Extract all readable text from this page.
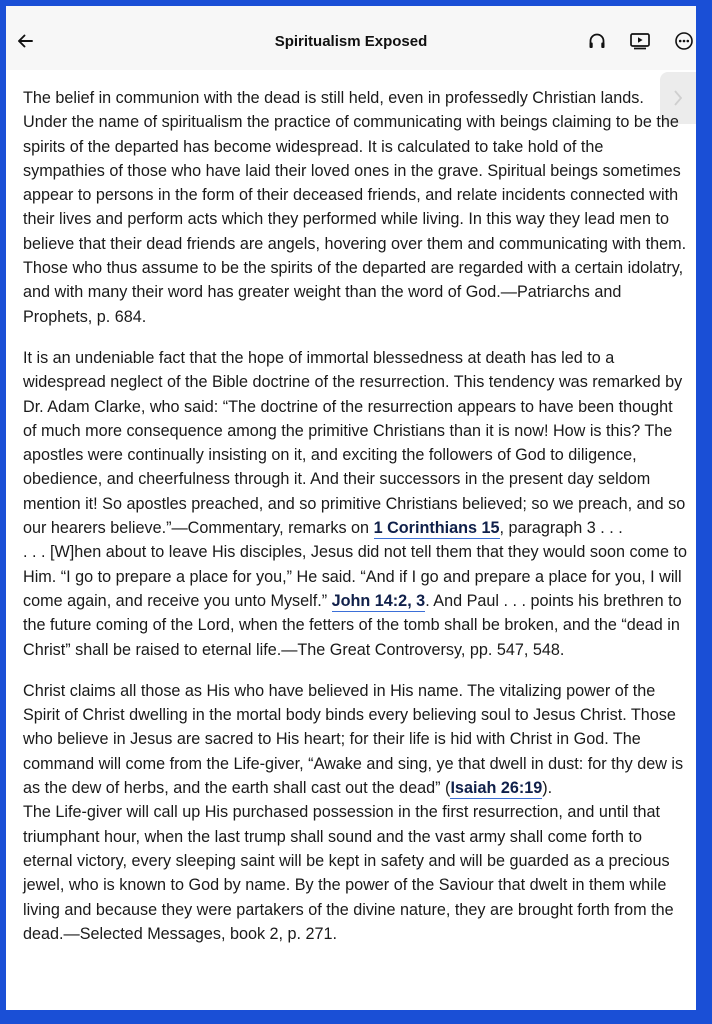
Spiritualism Exposed

The belief in communion with the dead is still held, even in professedly Christian lands. Under the name of spiritualism the practice of communicating with beings claiming to be the spirits of the departed has become widespread. It is calculated to take hold of the sympathies of those who have laid their loved ones in the grave. Spiritual beings sometimes appear to persons in the form of their deceased friends, and relate incidents connected with their lives and perform acts which they performed while living. In this way they lead men to believe that their dead friends are angels, hovering over them and communicating with them. Those who thus assume to be the spirits of the departed are regarded with a certain idolatry, and with many their word has greater weight than the word of God.—Patriarchs and Prophets, p. 684.

It is an undeniable fact that the hope of immortal blessedness at death has led to a widespread neglect of the Bible doctrine of the resurrection. This tendency was remarked by Dr. Adam Clarke, who said: “The doctrine of the resurrection appears to have been thought of much more consequence among the primitive Christians than it is now! How is this? The apostles were continually insisting on it, and exciting the followers of God to diligence, obedience, and cheerfulness through it. And their successors in the present day seldom mention it! So apostles preached, and so primitive Christians believed; so we preach, and so our hearers believe.”—Commentary, remarks on 1 Corinthians 15, paragraph 3 . . .
. . . [W]hen about to leave His disciples, Jesus did not tell them that they would soon come to Him. “I go to prepare a place for you,” He said. “And if I go and prepare a place for you, I will come again, and receive you unto Myself.” John 14:2, 3. And Paul . . . points his brethren to the future coming of the Lord, when the fetters of the tomb shall be broken, and the “dead in Christ” shall be raised to eternal life.—The Great Controversy, pp. 547, 548.

Christ claims all those as His who have believed in His name. The vitalizing power of the Spirit of Christ dwelling in the mortal body binds every believing soul to Jesus Christ. Those who believe in Jesus are sacred to His heart; for their life is hid with Christ in God. The command will come from the Life-giver, “Awake and sing, ye that dwell in dust: for thy dew is as the dew of herbs, and the earth shall cast out the dead” (Isaiah 26:19).
The Life-giver will call up His purchased possession in the first resurrection, and until that triumphant hour, when the last trump shall sound and the vast army shall come forth to eternal victory, every sleeping saint will be kept in safety and will be guarded as a precious jewel, who is known to God by name. By the power of the Saviour that dwelt in them while living and because they were partakers of the divine nature, they are brought forth from the dead.—Selected Messages, book 2, p. 271.
